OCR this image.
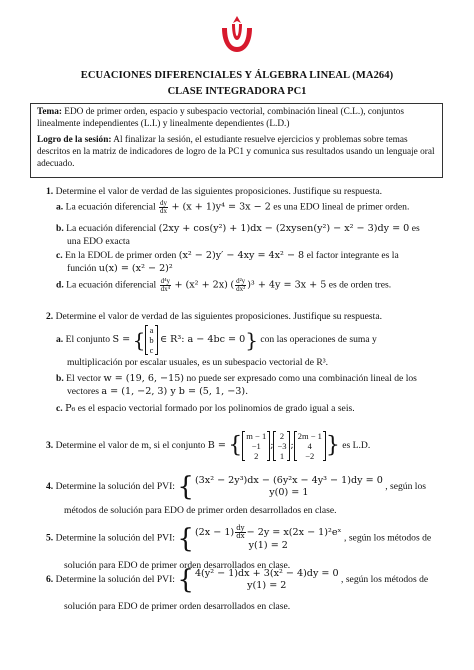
ECUACIONES DIFERENCIALES Y ÁLGEBRA LINEAL (MA264)
CLASE INTEGRADORA PC1

Tema: EDO de primer orden, espacio y subespacio vectorial, combinación lineal (C.L.), conjuntos linealmente independientes (L.I.) y linealmente dependientes (L.D.)

Logro de la sesión: Al finalizar la sesión, el estudiante resuelve ejercicios y problemas sobre temas descritos en la matriz de indicadores de logro de la PC1 y comunica sus resultados usando un lenguaje oral adecuado.

1. Determine el valor de verdad de las siguientes proposiciones. Justifique su respuesta.
a. La ecuación diferencial $\frac{dy}{dx} + (x + 1)y^4 = 3x - 2$ es una EDO lineal de primer orden.
b. La ecuación diferencial (2xy + cos(y²) + 1)dx − (2xysen(y²) − x² − 3)dy = 0 es
una EDO exacta
c. En la EDOL de primer orden (x² − 2)y′ − 4xy = 4x² − 8 el factor integrante es la
función u(x) = (x² − 2)²
d. La ecuación diferencial $\frac{\text{d⁴y}}{\text{dx⁴}} + (x^2 + 2x)$ ( $\frac{\text{d²y}}{\text{dx²}} )^3 + 4y = 3x + 5$ es de orden tres.
2. Determine el valor de verdad de las siguientes proposiciones. Justifique su respuesta.
a. El conjunto S = { a
b
c
∈ R³: a − 4bc = 0} con las operaciones de suma y
multiplicación por escalar usuales, es un subespacio vectorial de R³.
b. El vector w = (19, 6, −15) no puede ser expresado como una combinación lineal de los
vectores a = (1, −2, 3) y b = (5, 1, −3).
c. P₆ es el espacio vectorial formado por los polinomios de grado igual a seis.
3. Determine el valor de m, si el conjunto B = { m − 1
−1
2
;
2
−3
1
;
2m − 1
4
−2 } es L.D.
4. Determine la solución del PVI: { (3x² − 2y³)dx − (6y²x − 4y³ − 1)dy = 0
y(0) = 1
, según los
métodos de solución para EDO de primer orden desarrollados en clase.
5. Determine la solución del PVI: { $(2x - 1) \frac{dy}{dx} - 2y = x(2x$ − 1)²eˣ
y(1) = 2
, según los métodos de
solución para EDO de primer orden desarrollados en clase.
6. Determine la solución del PVI: { 4(y² − 1)dx + 3(x² − 4)dy = 0
y(1) = 2
, según los métodos de
solución para EDO de primer orden desarrollados en clase.
